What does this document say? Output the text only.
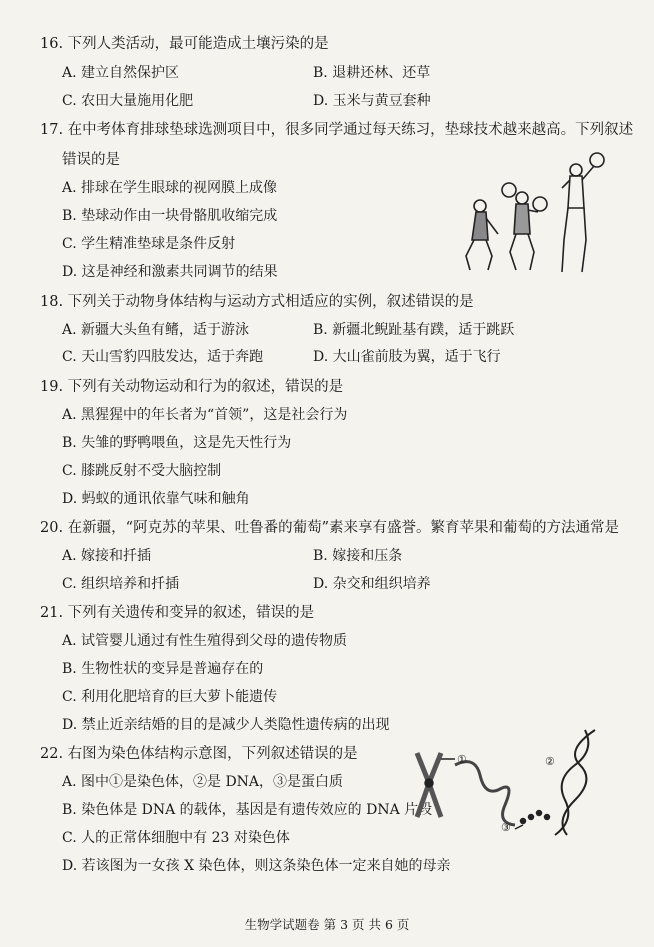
16. 下列人类活动，最可能造成土壤污染的是
A. 建立自然保护区	B. 退耕还林、还草
C. 农田大量施用化肥	D. 玉米与黄豆套种
17. 在中考体育排球垫球选测项目中，很多同学通过每天练习，垫球技术越来越高。下列叙述
错误的是
A. 排球在学生眼球的视网膜上成像
B. 垫球动作由一块骨骼肌收缩完成
C. 学生精准垫球是条件反射
D. 这是神经和激素共同调节的结果
18. 下列关于动物身体结构与运动方式相适应的实例，叙述错误的是
A. 新疆大头鱼有鳍，适于游泳	B. 新疆北鲵趾基有蹼，适于跳跃
C. 天山雪豹四肢发达，适于奔跑	D. 大山雀前肢为翼，适于飞行
19. 下列有关动物运动和行为的叙述，错误的是
A. 黑猩猩中的年长者为“首领”，这是社会行为
B. 失雏的野鸭喂鱼，这是先天性行为
C. 膝跳反射不受大脑控制
D. 蚂蚁的通讯依靠气味和触角
20. 在新疆，“阿克苏的苹果、吐鲁番的葡萄”素来享有盛誉。繁育苹果和葡萄的方法通常是
A. 嫁接和扦插	B. 嫁接和压条
C. 组织培养和扦插	D. 杂交和组织培养
21. 下列有关遗传和变异的叙述，错误的是
A. 试管婴儿通过有性生殖得到父母的遗传物质
B. 生物性状的变异是普遍存在的
C. 利用化肥培育的巨大萝卜能遗传
D. 禁止近亲结婚的目的是减少人类隐性遗传病的出现
22. 右图为染色体结构示意图，下列叙述错误的是
A. 图中①是染色体，②是 DNA，③是蛋白质
B. 染色体是 DNA 的载体，基因是有遗传效应的 DNA 片段
C. 人的正常体细胞中有 23 对染色体
D. 若该图为一女孩 X 染色体，则这条染色体一定来自她的母亲
①	②
③
生物学试题卷 第 3 页 共 6 页
